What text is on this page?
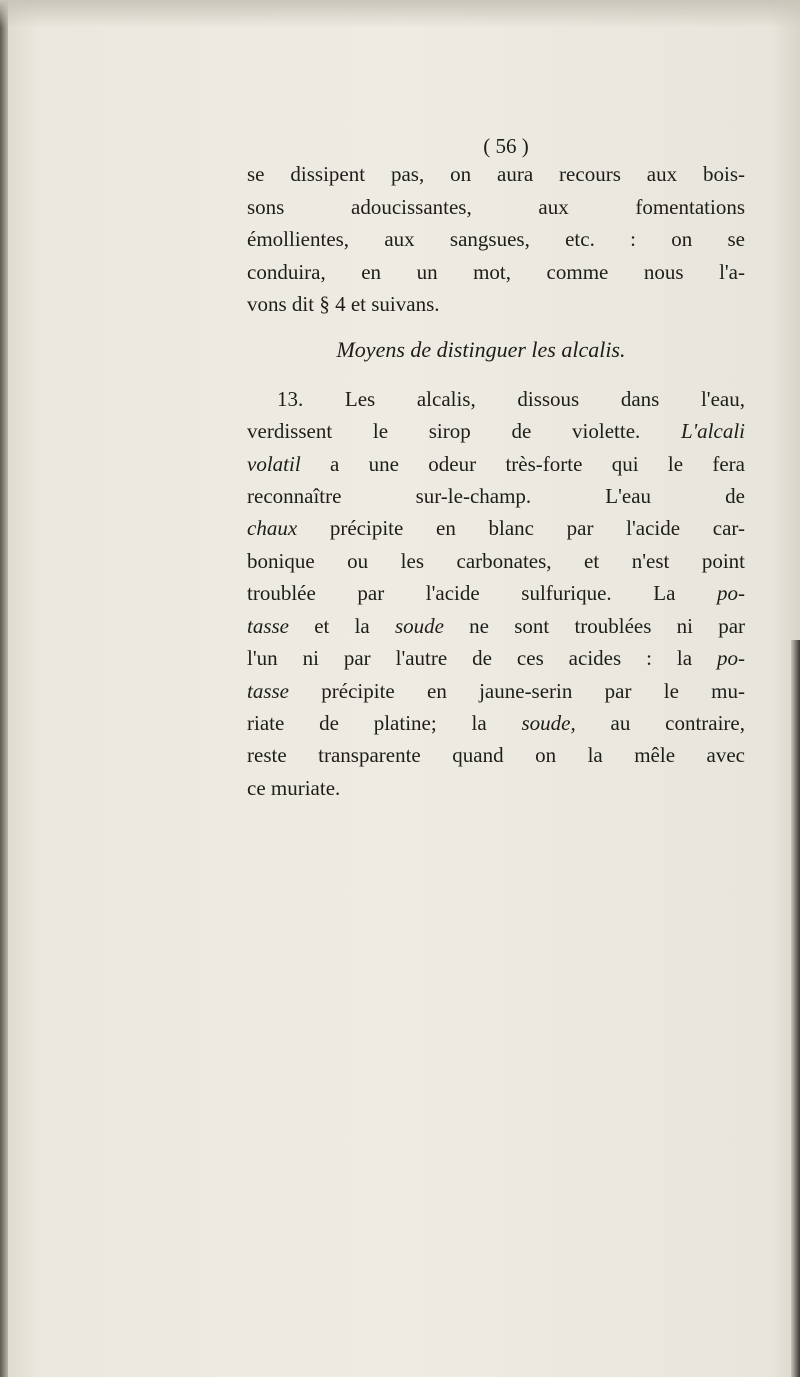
( 56 )
se dissipent pas, on aura recours aux bois-
sons adoucissantes, aux fomentations
émollientes, aux sangsues, etc. : on se
conduira, en un mot, comme nous l'a-
vons dit § 4 et suivans.
Moyens de distinguer les alcalis.
13. Les alcalis, dissous dans l'eau,
verdissent le sirop de violette. L'alcali
volatil a une odeur très-forte qui le fera
reconnaître sur-le-champ. L'eau de
chaux précipite en blanc par l'acide car-
bonique ou les carbonates, et n'est point
troublée par l'acide sulfurique. La po-
tasse et la soude ne sont troublées ni par
l'un ni par l'autre de ces acides : la po-
tasse précipite en jaune-serin par le mu-
riate de platine; la soude, au contraire,
reste transparente quand on la mêle avec
ce muriate.
